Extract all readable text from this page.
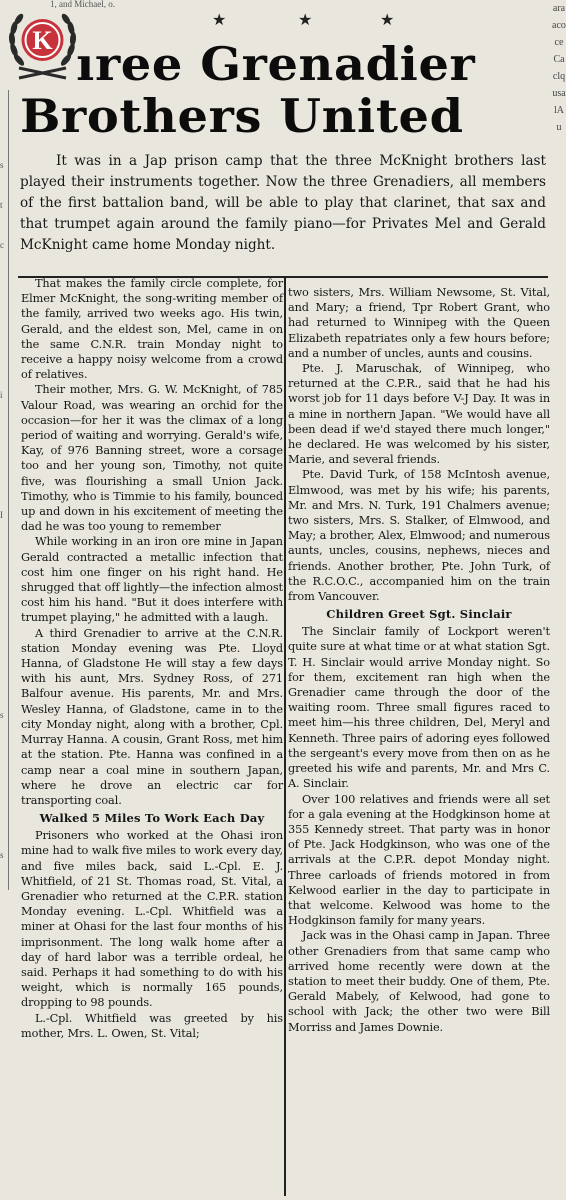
1, and Michael, o.
★	★	★
K ıree Grenadier
Brothers United
It was in a Jap prison camp that the three McKnight brothers last played their instruments together. Now the three Grenadiers, all members of the first battalion band, will be able to play that clarinet, that sax and that trumpet again around the family piano—for Privates Mel and Gerald McKnight came home Monday night.

That makes the family circle complete, for Elmer McKnight, the song-writing member of the family, arrived two weeks ago. His twin, Gerald, and the eldest son, Mel, came in on the same C.N.R. train Monday night to receive a happy noisy welcome from a crowd of relatives.

Their mother, Mrs. G. W. McKnight, of 785 Valour Road, was wearing an orchid for the occasion—for her it was the climax of a long period of waiting and worrying. Gerald's wife, Kay, of 976 Banning street, wore a corsage too and her young son, Timothy, not quite five, was flourishing a small Union Jack. Timothy, who is Timmie to his family, bounced up and down in his excitement of meeting the dad he was too young to remember

While working in an iron ore mine in Japan Gerald contracted a metallic infection that cost him one finger on his right hand. He shrugged that off lightly—the infection almost cost him his hand. "But it does interfere with trumpet playing," he admitted with a laugh.

A third Grenadier to arrive at the C.N.R. station Monday evening was Pte. Lloyd Hanna, of Gladstone He will stay a few days with his aunt, Mrs. Sydney Ross, of 271 Balfour avenue. His parents, Mr. and Mrs. Wesley Hanna, of Gladstone, came in to the city Monday night, along with a brother, Cpl. Murray Hanna. A cousin, Grant Ross, met him at the station. Pte. Hanna was confined in a camp near a coal mine in southern Japan, where he drove an electric car for transporting coal.

Walked 5 Miles To Work Each Day

Prisoners who worked at the Ohasi iron mine had to walk five miles to work every day, and five miles back, said L.-Cpl. E. J. Whitfield, of 21 St. Thomas road, St. Vital, a Grenadier who returned at the C.P.R. station Monday evening. L.-Cpl. Whitfield was a miner at Ohasi for the last four months of his imprisonment. The long walk home after a day of hard labor was a terrible ordeal, he said. Perhaps it had something to do with his weight, which is normally 165 pounds, dropping to 98 pounds.

L.-Cpl. Whitfield was greeted by his mother, Mrs. L. Owen, St. Vital;

two sisters, Mrs. William Newsome, St. Vital, and Mary; a friend, Tpr Robert Grant, who had returned to Winnipeg with the Queen Elizabeth repatriates only a few hours before; and a number of uncles, aunts and cousins.

Pte. J. Maruschak, of Winnipeg, who returned at the C.P.R., said that he had his worst job for 11 days before V-J Day. It was in a mine in northern Japan. "We would have all been dead if we'd stayed there much longer," he declared. He was welcomed by his sister, Marie, and several friends.

Pte. David Turk, of 158 McIntosh avenue, Elmwood, was met by his wife; his parents, Mr. and Mrs. N. Turk, 191 Chalmers avenue; two sisters, Mrs. S. Stalker, of Elmwood, and May; a brother, Alex, Elmwood; and numerous aunts, uncles, cousins, nephews, nieces and friends. Another brother, Pte. John Turk, of the R.C.O.C., accompanied him on the train from Vancouver.

Children Greet Sgt. Sinclair

The Sinclair family of Lockport weren't quite sure at what time or at what station Sgt. T. H. Sinclair would arrive Monday night. So for them, excitement ran high when the Grenadier came through the door of the waiting room. Three small figures raced to meet him—his three children, Del, Meryl and Kenneth. Three pairs of adoring eyes followed the sergeant's every move from then on as he greeted his wife and parents, Mr. and Mrs C. A. Sinclair.

Over 100 relatives and friends were all set for a gala evening at the Hodgkinson home at 355 Kennedy street. That party was in honor of Pte. Jack Hodgkinson, who was one of the arrivals at the C.P.R. depot Monday night. Three carloads of friends motored in from Kelwood earlier in the day to participate in that welcome. Kelwood was home to the Hodgkinson family for many years.

Jack was in the Ohasi camp in Japan. Three other Grenadiers from that same camp who arrived home recently were down at the station to meet their buddy. One of them, Pte. Gerald Mabely, of Kelwood, had gone to school with Jack; the other two were Bill Morriss and James Downie.

araacoceCaclqusalAu
s
t
c
i
I
s
s
